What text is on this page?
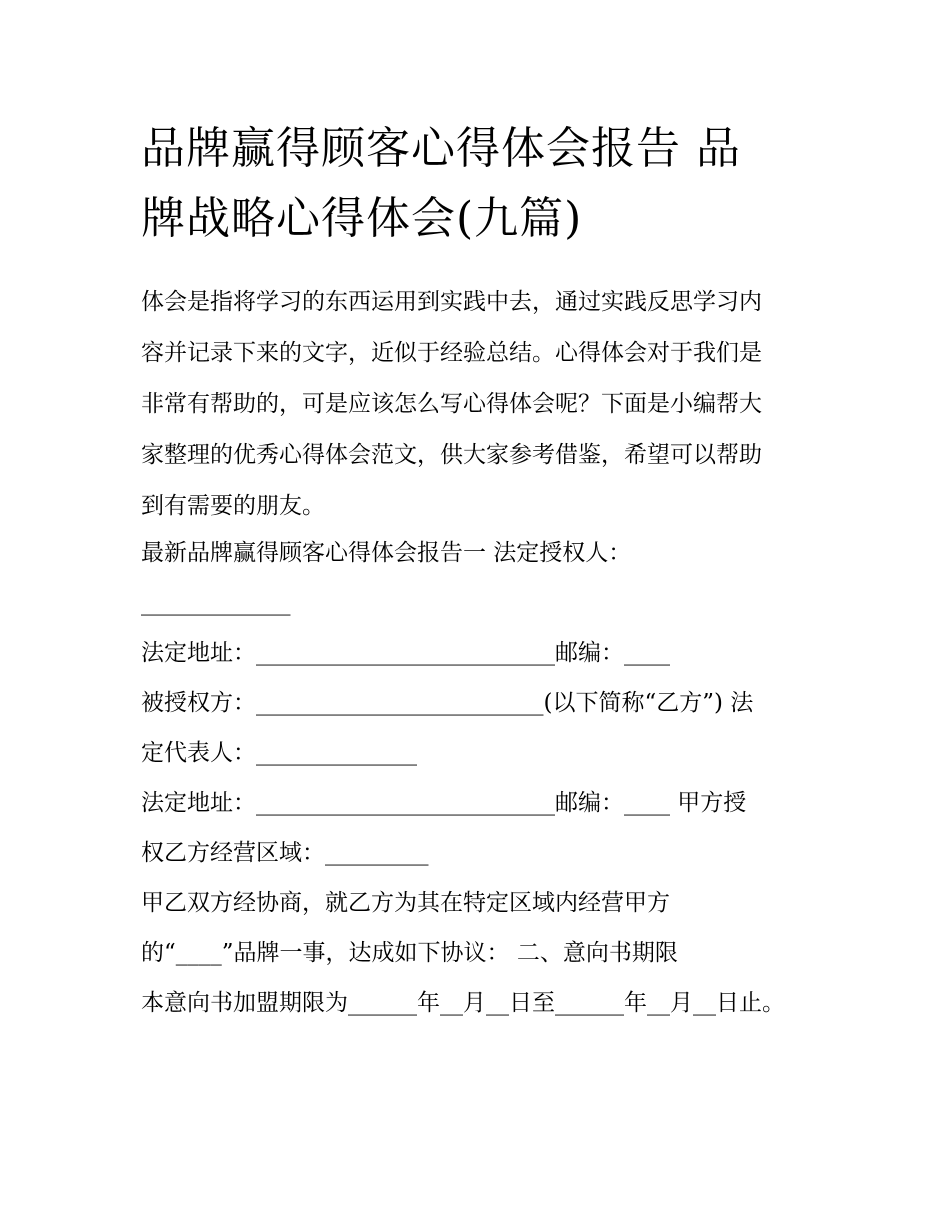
品牌赢得顾客心得体会报告 品
牌战略心得体会(九篇)
体会是指将学习的东西运用到实践中去，通过实践反思学习内
容并记录下来的文字，近似于经验总结。心得体会对于我们是
非常有帮助的，可是应该怎么写心得体会呢？下面是小编帮大
家整理的优秀心得体会范文，供大家参考借鉴，希望可以帮助
到有需要的朋友。

最新品牌赢得顾客心得体会报告一 法定授权人：

_____________

法定地址：__________________________邮编：____

被授权方：_________________________(以下简称“乙方”) 法

定代表人：______________

法定地址：__________________________邮编：____ 甲方授

权乙方经营区域：_________

甲乙双方经协商，就乙方为其在特定区域内经营甲方

的“____”品牌一事，达成如下协议： 二、意向书期限

本意向书加盟期限为______年__月__日至______年__月__日止。
